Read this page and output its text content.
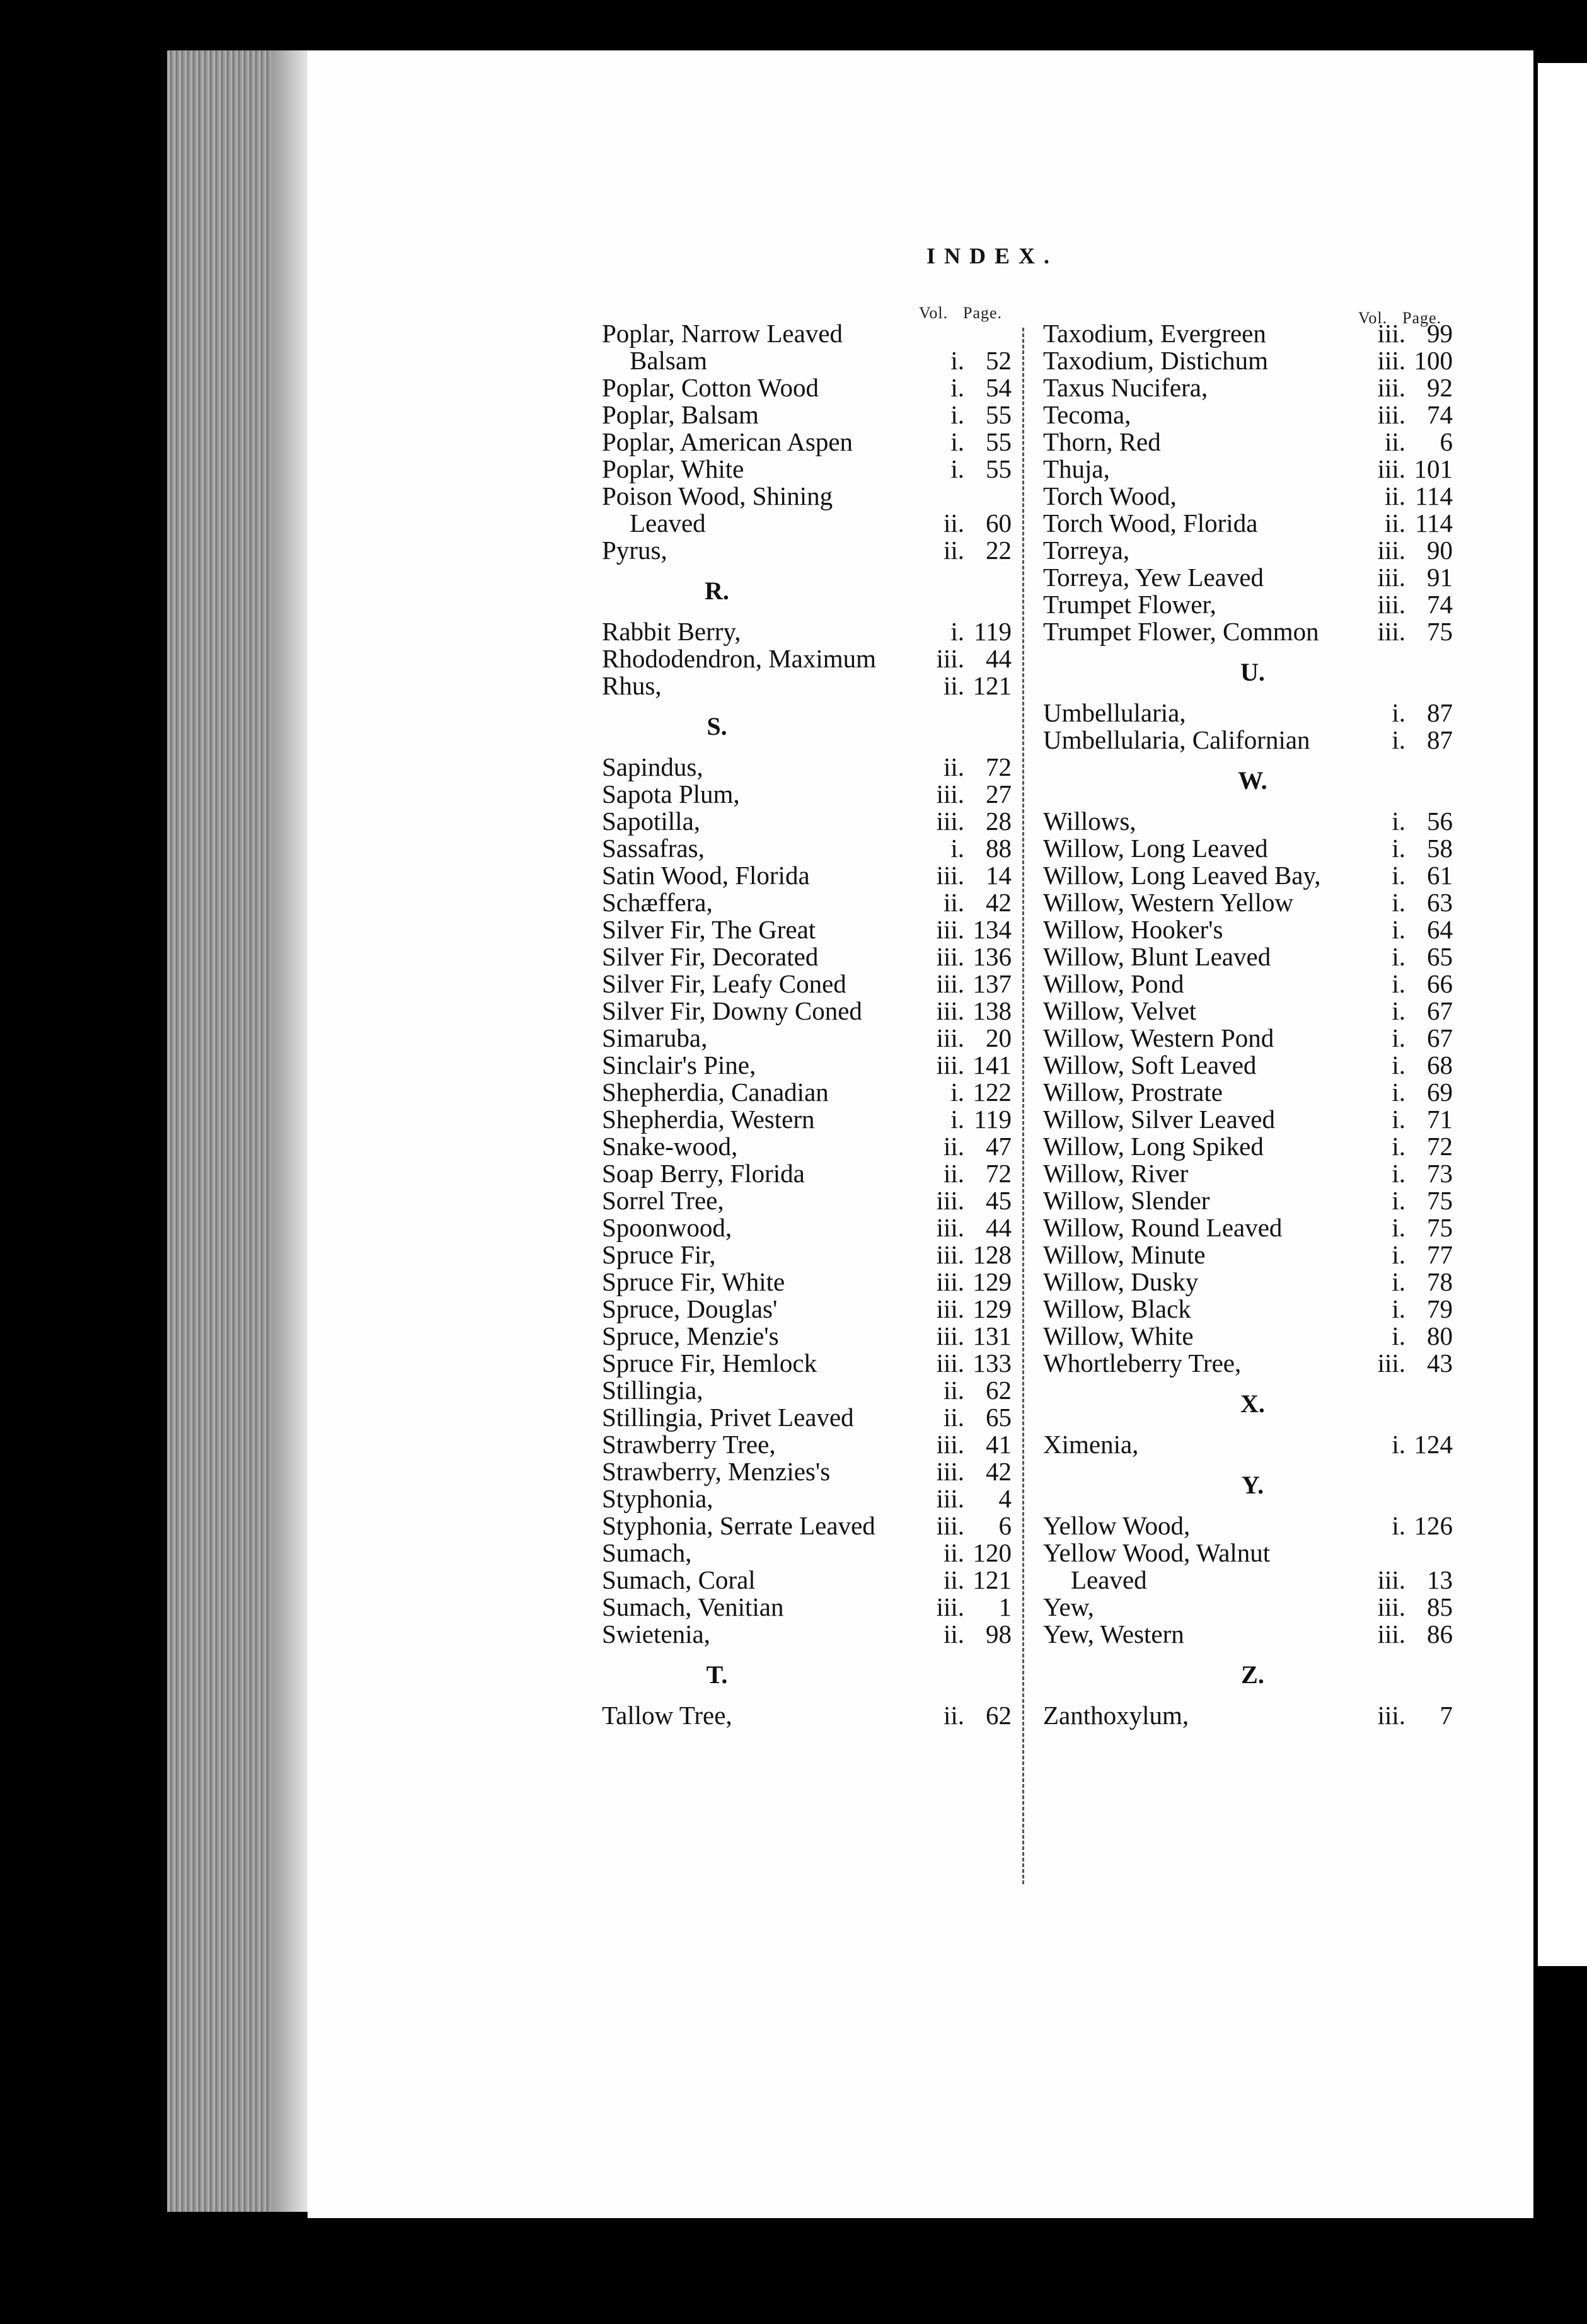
INDEX.
Vol. Page.	Vol. Page.
Poplar, Narrow Leaved
Balsam	i. 52
Poplar, Cotton Wood	i. 54
Poplar, Balsam	i. 55
Poplar, American Aspen	i. 55
Poplar, White	i. 55
Poison Wood, Shining
Leaved	ii. 60
Pyrus,	ii. 22
R.
Rabbit Berry,	i. 119
Rhododendron, Maximum	iii. 44
Rhus,	ii. 121
S.
Sapindus,	ii. 72
Sapota Plum,	iii. 27
Sapotilla,	iii. 28
Sassafras,	i. 88
Satin Wood, Florida	iii. 14
Schæffera,	ii. 42
Silver Fir, The Great	iii. 134
Silver Fir, Decorated	iii. 136
Silver Fir, Leafy Coned	iii. 137
Silver Fir, Downy Coned	iii. 138
Simaruba,	iii. 20
Sinclair's Pine,	iii. 141
Shepherdia, Canadian	i. 122
Shepherdia, Western	i. 119
Snake-wood,	ii. 47
Soap Berry, Florida	ii. 72
Sorrel Tree,	iii. 45
Spoonwood,	iii. 44
Spruce Fir,	iii. 128
Spruce Fir, White	iii. 129
Spruce, Douglas'	iii. 129
Spruce, Menzie's	iii. 131
Spruce Fir, Hemlock	iii. 133
Stillingia,	ii. 62
Stillingia, Privet Leaved	ii. 65
Strawberry Tree,	iii. 41
Strawberry, Menzies's	iii. 42
Styphonia,	iii.	4
Styphonia, Serrate Leaved	iii.	6
Sumach,	ii. 120
Sumach, Coral	ii. 121
Sumach, Venitian	iii.	1
Swietenia,	ii. 98
T.
Tallow Tree,	ii. 62
Taxodium, Evergreen	iii. 99
Taxodium, Distichum	iii. 100
Taxus Nucifera,	iii. 92
Tecoma,	iii. 74
Thorn, Red	ii.	6
Thuja,	iii. 101
Torch Wood,	ii. 114
Torch Wood, Florida	ii. 114
Torreya,	iii. 90
Torreya, Yew Leaved	iii. 91
Trumpet Flower,	iii. 74
Trumpet Flower, Common	iii. 75
U.
Umbellularia,	i. 87
Umbellularia, Californian	i. 87
W.
Willows,	i. 56
Willow, Long Leaved	i. 58
Willow, Long Leaved Bay,	i. 61
Willow, Western Yellow	i. 63
Willow, Hooker's	i. 64
Willow, Blunt Leaved	i. 65
Willow, Pond	i. 66
Willow, Velvet	i. 67
Willow, Western Pond	i. 67
Willow, Soft Leaved	i. 68
Willow, Prostrate	i. 69
Willow, Silver Leaved	i. 71
Willow, Long Spiked	i. 72
Willow, River	i. 73
Willow, Slender	i. 75
Willow, Round Leaved	i. 75
Willow, Minute	i. 77
Willow, Dusky	i. 78
Willow, Black	i. 79
Willow, White	i. 80
Whortleberry Tree,	iii. 43
X.
Ximenia,	i. 124
Y.
Yellow Wood,	i. 126
Yellow Wood, Walnut
Leaved	iii. 13
Yew,	iii. 85
Yew, Western	iii. 86
Z.
Zanthoxylum,	iii.	7
